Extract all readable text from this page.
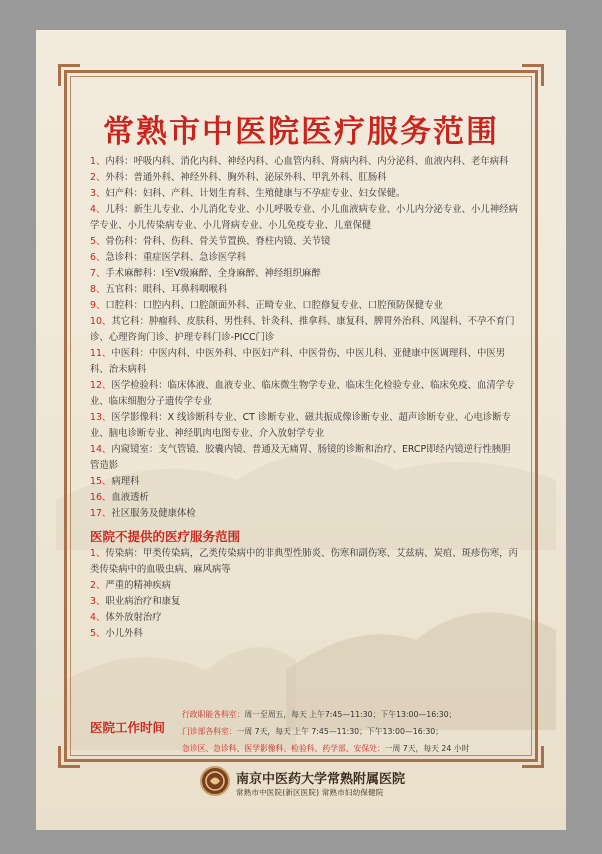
常熟市中医院医疗服务范围

1、内科：呼吸内科、消化内科、神经内科、心血管内科、肾病内科、内分泌科、血液内科、老年病科

2、外科：普通外科、神经外科、胸外科、泌尿外科、甲乳外科、肛肠科

3、妇产科：妇科、产科、计划生育科、生殖健康与不孕症专业、妇女保健。

4、儿科：新生儿专业、小儿消化专业、小儿呼吸专业、小儿血液病专业、小儿内分泌专业、小儿神经病学专业、小儿传染病专业、小儿肾病专业、小儿免疫专业、儿童保健

5、骨伤科：骨科、伤科、骨关节置换、脊柱内镜、关节镜

6、急诊科：重症医学科、急诊医学科

7、手术麻醉科：Ⅰ至Ⅴ级麻醉、全身麻醉、神经组织麻醉

8、五官科：眼科、耳鼻科咽喉科

9、口腔科：口腔内科、口腔颌面外科、正畸专业、口腔修复专业、口腔预防保健专业

10、其它科：肿瘤科、皮肤科、男性科、针灸科、推拿科、康复科、脾胃外治科、风湿科、不孕不育门诊、心理咨询门诊、护理专科门诊-PICC门诊

11、中医科：中医内科、中医外科、中医妇产科、中医骨伤、中医儿科、亚健康中医调理科、中医男科、治未病科

12、医学检验科：临床体液、血液专业、临床微生物学专业、临床生化检验专业、临床免疫、血清学专业、临床细胞分子遗传学专业

13、医学影像科：X 线诊断科专业、CT 诊断专业、磁共振成像诊断专业、超声诊断专业、心电诊断专业、脑电诊断专业、神经肌肉电图专业、介入放射学专业

14、内窥镜室：支气管镜、胶囊内镜、普通及无痛胃、肠镜的诊断和治疗、ERCP即经内镜逆行性胰胆管造影

15、病理科

16、血液透析

17、社区服务及健康体检

医院不提供的医疗服务范围

1、传染病：甲类传染病，乙类传染病中的非典型性肺炎、伤寒和副伤寒、艾兹病、炭疽、斑疹伤寒，丙类传染病中的血吸虫病、麻风病等

2、严重的精神疾病

3、职业病治疗和康复

4、体外放射治疗

5、小儿外科

医院工作时间
行政职能各科室：周一至周五，每天 上午7:45—11:30；下午13:00—16:30；
门诊部各科室：一周 7天，每天 上午 7:45—11:30；下午13:00—16:30；
急诊区、急诊科、医学影像科、检验科、药学部、安保处：一周 7天，每天 24 小时
南京中医药大学常熟附属医院
常熟市中医院(新区医院) 常熟市妇幼保健院
